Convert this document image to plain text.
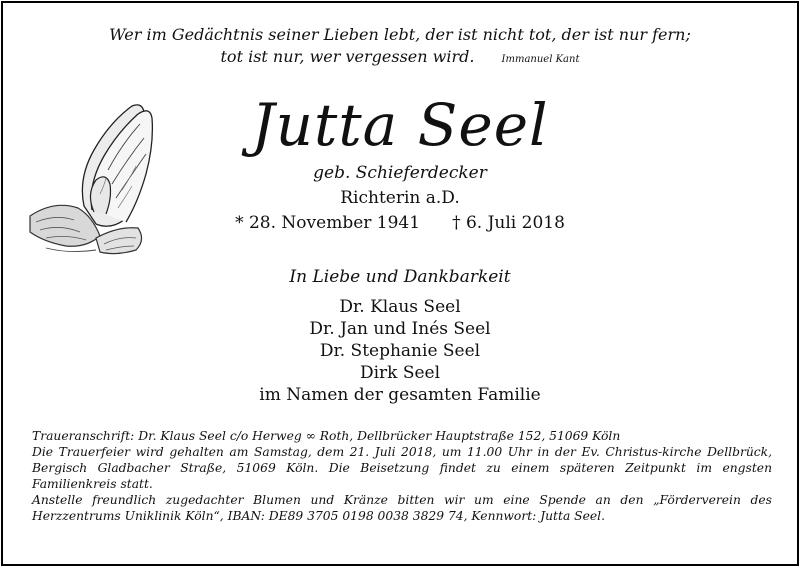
Wer im Gedächtnis seiner Lieben lebt, der ist nicht tot, der ist nur fern;
tot ist nur, wer vergessen wird.	Immanuel Kant
Jutta Seel
geb. Schieferdecker
Richterin a.D.
* 28. November 1941 † 6. Juli 2018
In Liebe und Dankbarkeit
Dr. Klaus Seel
Dr. Jan und Inés Seel
Dr. Stephanie Seel
Dirk Seel
im Namen der gesamten Familie

Traueranschrift: Dr. Klaus Seel c/o Herweg ∞ Roth, Dellbrücker Hauptstraße 152, 51069 Köln

Die Trauerfeier wird gehalten am Samstag, dem 21. Juli 2018, um 11.00 Uhr in der Ev. Christus-kirche Dellbrück, Bergisch Gladbacher Straße, 51069 Köln. Die Beisetzung findet zu einem späteren Zeitpunkt im engsten Familienkreis statt.

Anstelle freundlich zugedachter Blumen und Kränze bitten wir um eine Spende an den „Förderverein des Herzzentrums Uniklinik Köln“, IBAN: DE89 3705 0198 0038 3829 74, Kennwort: Jutta Seel.
